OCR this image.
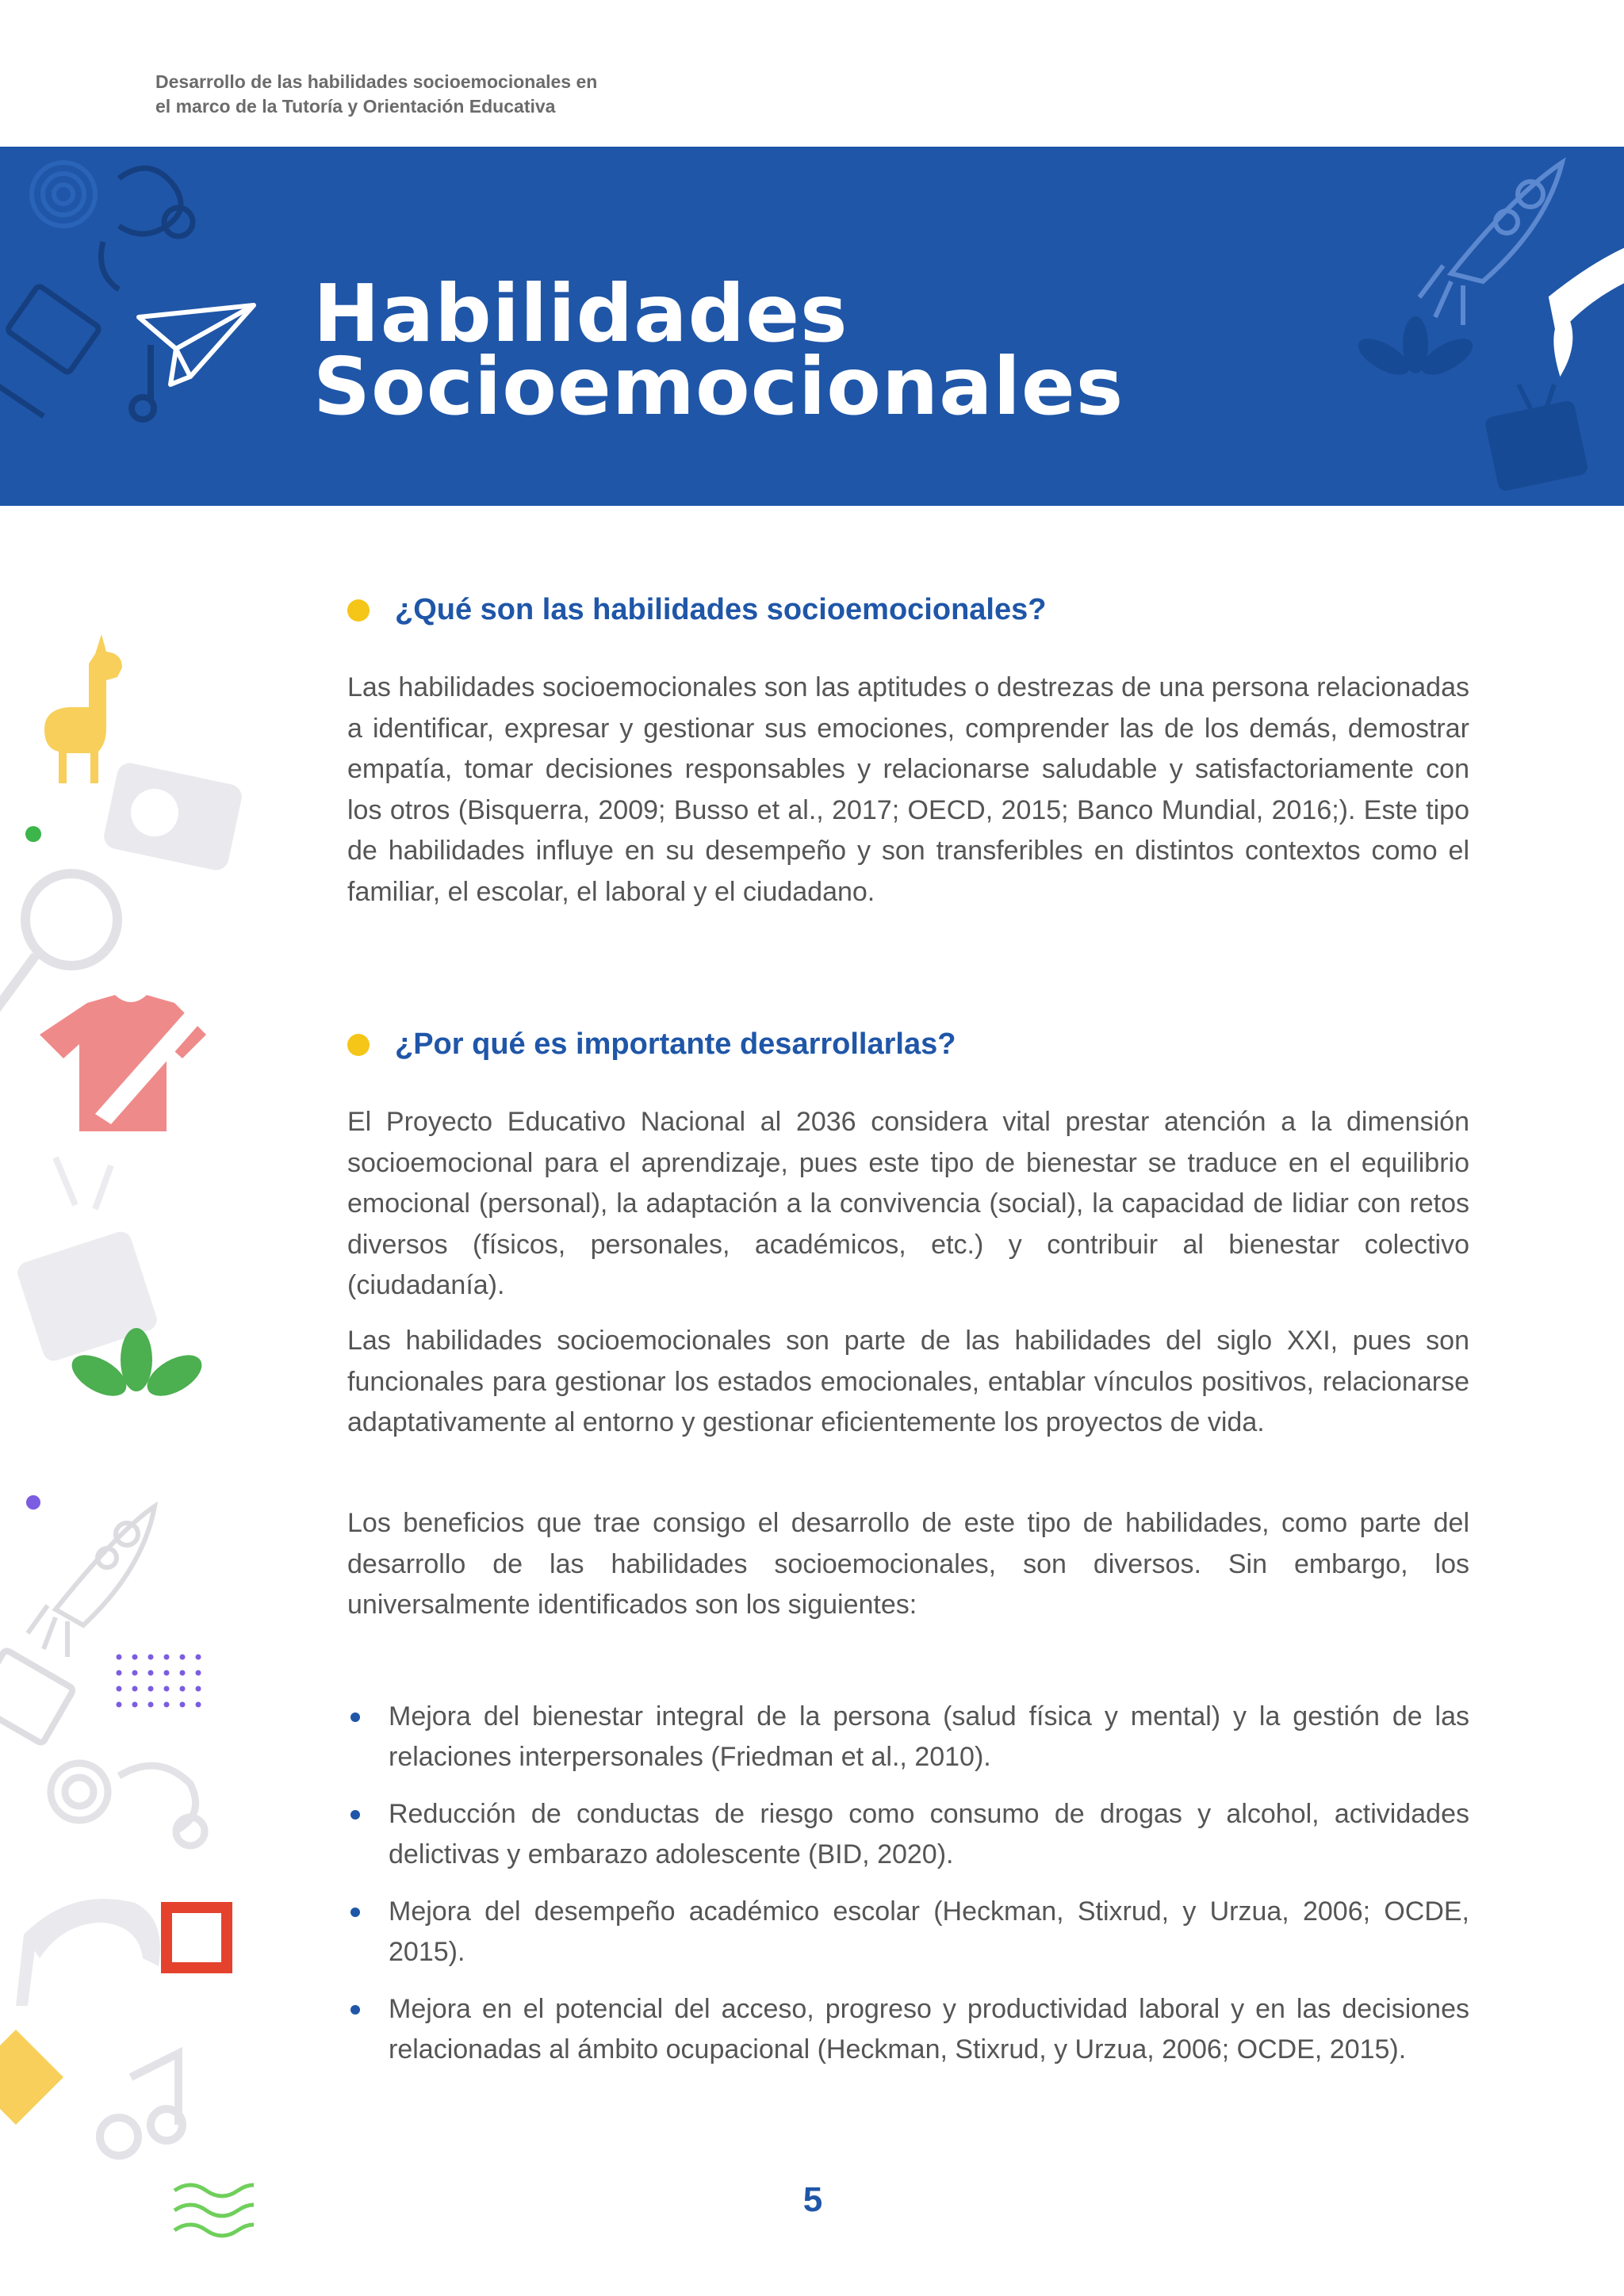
Desarrollo de las habilidades socioemocionales en
el marco de la Tutoría y Orientación Educativa
Habilidades
Socioemocionales
¿Qué son las habilidades socioemocionales?

Las habilidades socioemocionales son las aptitudes o destrezas de una persona relacionadas a identificar, expresar y gestionar sus emociones, comprender las de los demás, demostrar empatía, tomar decisiones responsables y relacionarse saludable y satisfactoriamente con los otros (Bisquerra, 2009; Busso et al., 2017; OECD, 2015; Banco Mundial, 2016;). Este tipo de habilidades influye en su desempeño y son transferibles en distintos contextos como el familiar, el escolar, el laboral y el ciudadano.

¿Por qué es importante desarrollarlas?

El Proyecto Educativo Nacional al 2036 considera vital prestar atención a la dimensión socioemocional para el aprendizaje, pues este tipo de bienestar se traduce en el equilibrio emocional (personal), la adaptación a la convivencia (social), la capacidad de lidiar con retos diversos (físicos, personales, académicos, etc.) y contribuir al bienestar colectivo (ciudadanía).

Las habilidades socioemocionales son parte de las habilidades del siglo XXI, pues son funcionales para gestionar los estados emocionales, entablar vínculos positivos, relacionarse adaptativamente al entorno y gestionar eficientemente los proyectos de vida.

Los beneficios que trae consigo el desarrollo de este tipo de habilidades, como parte del desarrollo de las habilidades socioemocionales, son diversos. Sin embargo, los universalmente identificados son los siguientes:

Mejora del bienestar integral de la persona (salud física y mental) y la gestión de las relaciones interpersonales (Friedman et al., 2010).
Reducción de conductas de riesgo como consumo de drogas y alcohol, actividades delictivas y embarazo adolescente (BID, 2020).
Mejora del desempeño académico escolar (Heckman, Stixrud, y Urzua, 2006; OCDE, 2015).
Mejora en el potencial del acceso, progreso y productividad laboral y en las decisiones relacionadas al ámbito ocupacional (Heckman, Stixrud, y Urzua, 2006; OCDE, 2015).
5
